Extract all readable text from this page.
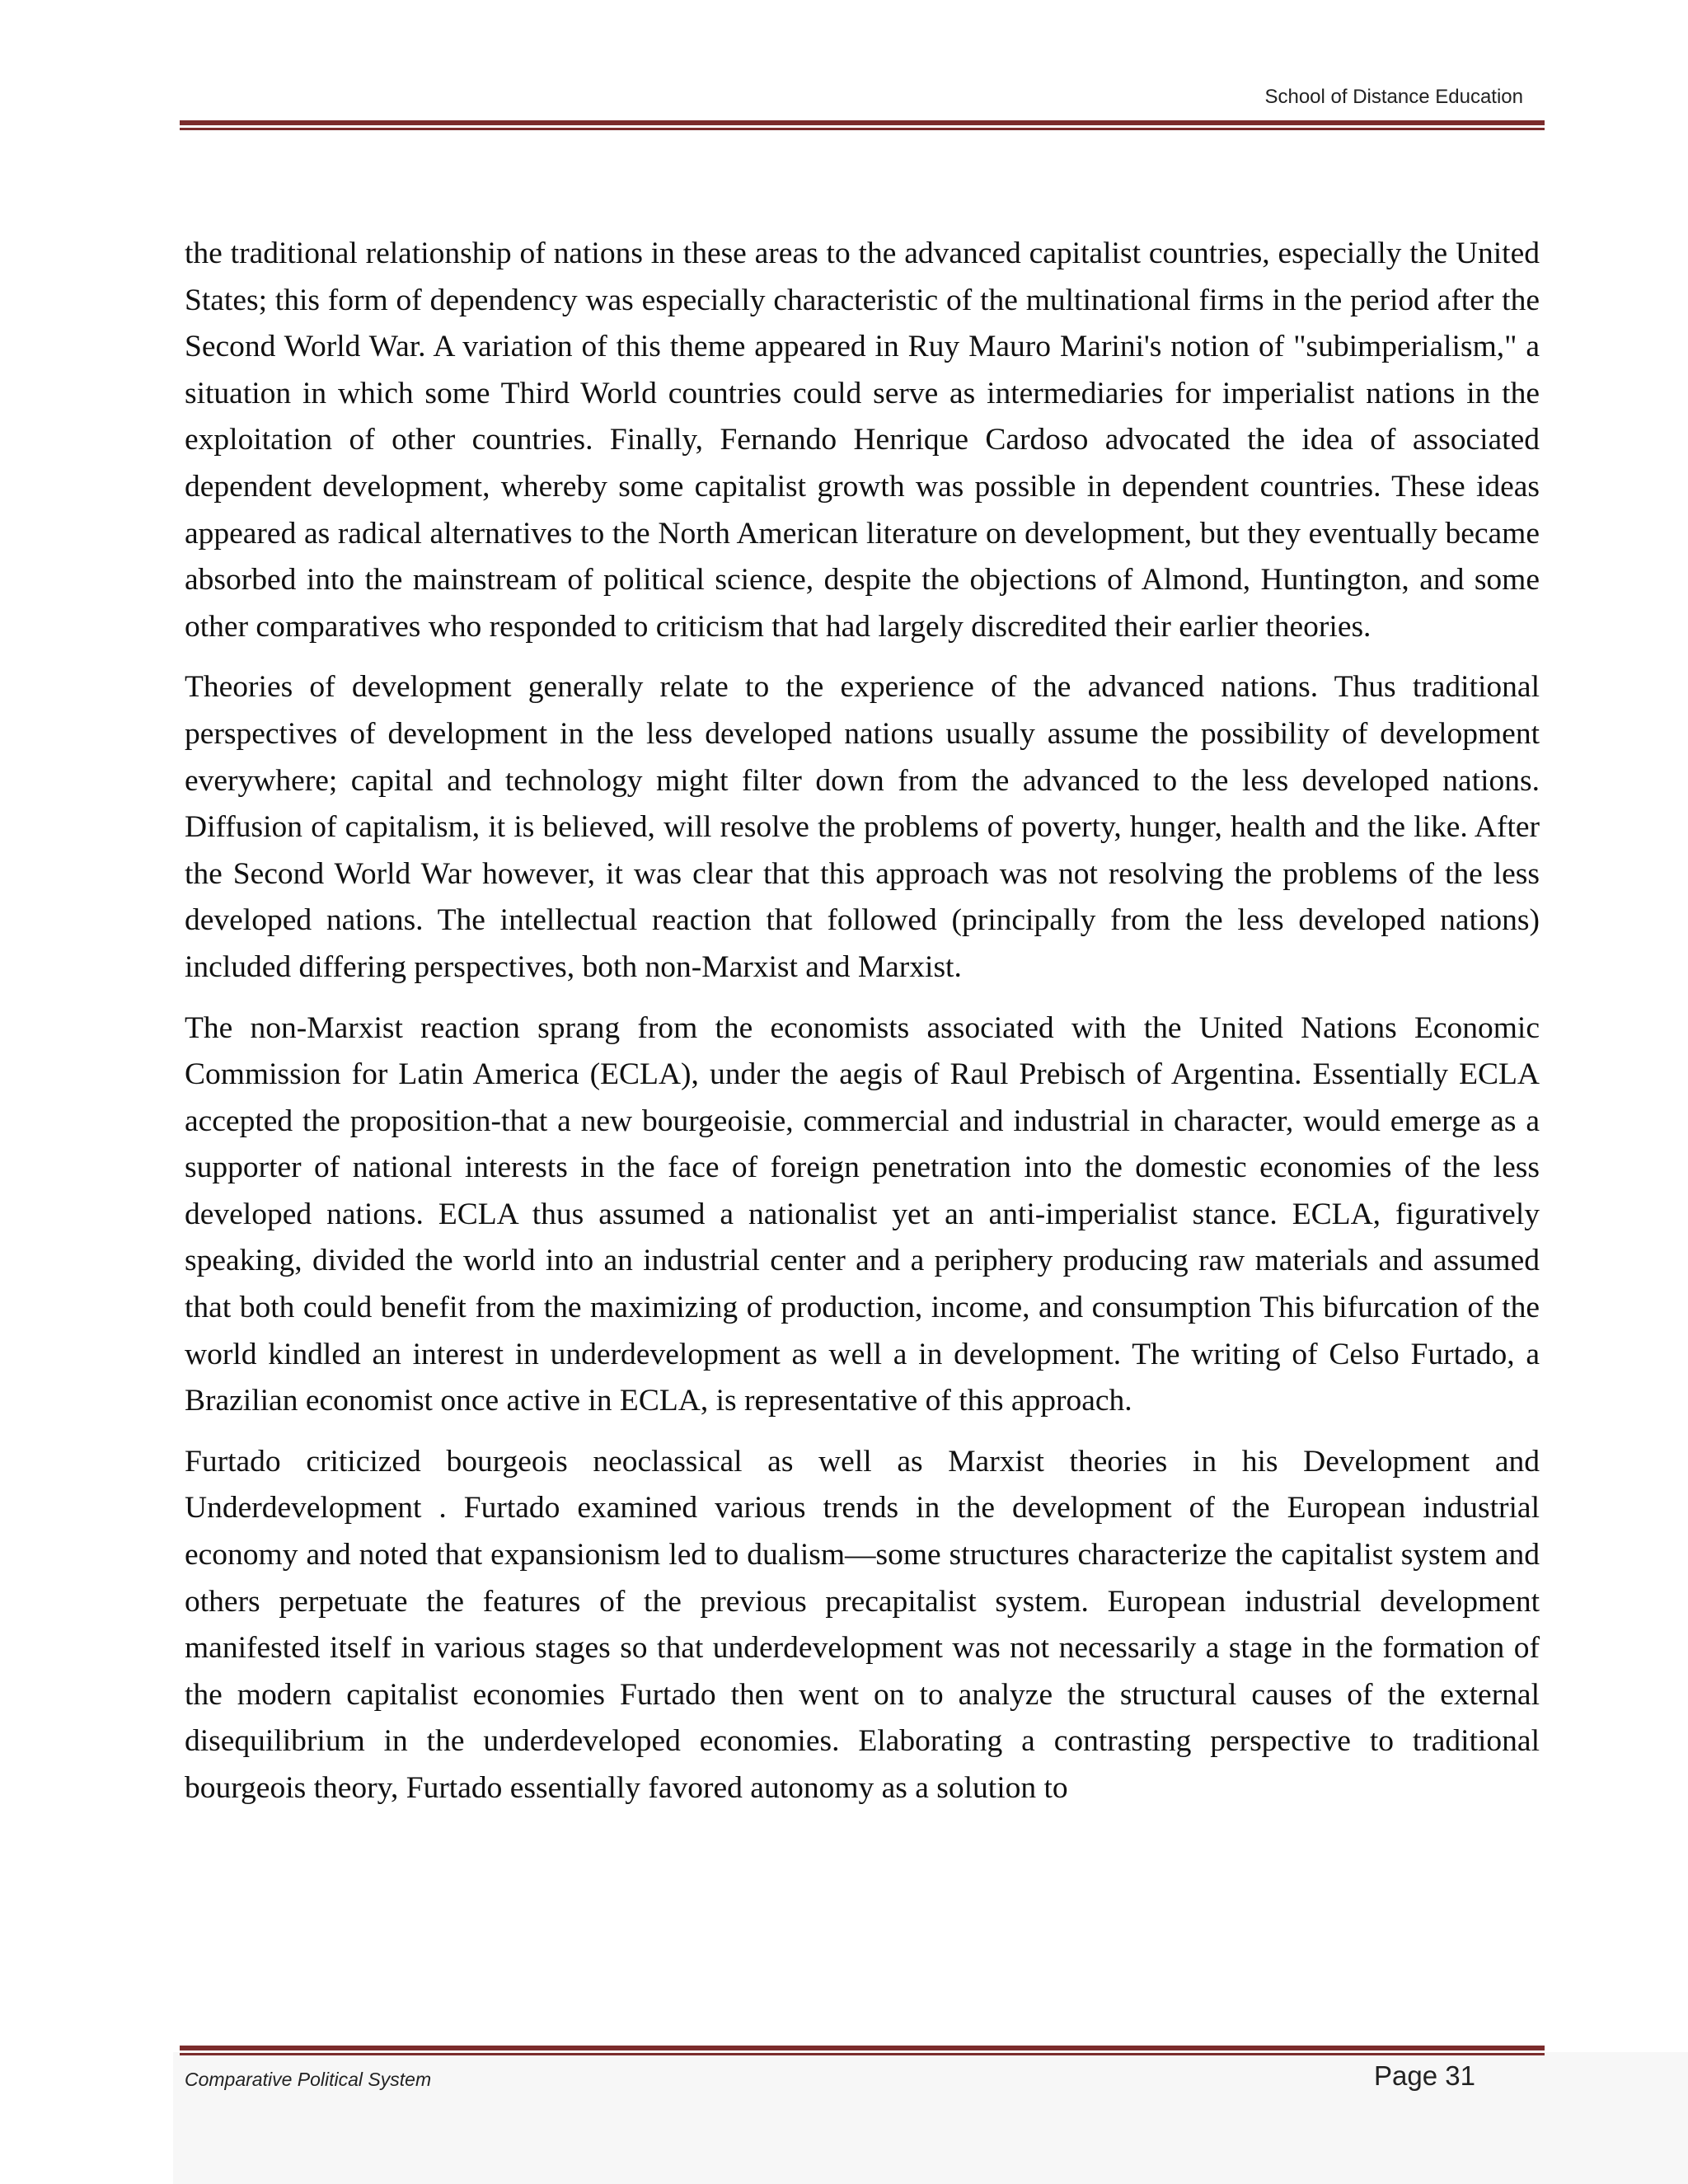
School of Distance Education

the traditional relationship of nations in these areas to the advanced capitalist countries, especially the United States; this form of dependency was especially characteristic of the multinational firms in the period after the Second World War. A variation of this theme appeared in Ruy Mauro Marini's notion of "subimperialism," a situation in which some Third World countries could serve as intermediaries for imperialist nations in the exploitation of other countries. Finally, Fernando Henrique Cardoso advocated the idea of associated dependent development, whereby some capitalist growth was possible in dependent countries. These ideas appeared as radical alternatives to the North American literature on development, but they eventually became absorbed into the mainstream of political science, despite the objections of Almond, Huntington, and some other comparatives who responded to criticism that had largely discredited their earlier theories.

Theories of development generally relate to the experience of the advanced nations. Thus traditional perspectives of development in the less developed nations usually assume the possibility of development everywhere; capital and technology might filter down from the advanced to the less developed nations. Diffusion of capitalism, it is believed, will resolve the problems of poverty, hunger, health and the like. After the Second World War however, it was clear that this approach was not resolving the problems of the less developed nations. The intellectual reaction that followed (principally from the less developed nations) included differing perspectives, both non-Marxist and Marxist.

The non-Marxist reaction sprang from the economists associated with the United Nations Economic Commission for Latin America (ECLA), under the aegis of Raul Prebisch of Argentina. Essentially ECLA accepted the proposition-that a new bourgeoisie, commercial and industrial in character, would emerge as a supporter of national interests in the face of foreign penetration into the domestic economies of the less developed nations. ECLA thus assumed a nationalist yet an anti-imperialist stance. ECLA, figuratively speaking, divided the world into an industrial center and a periphery producing raw materials and assumed that both could benefit from the maximizing of production, income, and consumption This bifurcation of the world kindled an interest in underdevelopment as well a in development. The writing of Celso Furtado, a Brazilian economist once active in ECLA, is representative of this approach.

Furtado criticized bourgeois neoclassical as well as Marxist theories in his Development and Underdevelopment . Furtado examined various trends in the development of the European industrial economy and noted that expansionism led to dualism—some structures characterize the capitalist system and others perpetuate the features of the previous precapitalist system. European industrial development manifested itself in various stages so that underdevelopment was not necessarily a stage in the formation of the modern capitalist economies Furtado then went on to analyze the structural causes of the external disequilibrium in the underdeveloped economies. Elaborating a contrasting perspective to traditional bourgeois theory, Furtado essentially favored autonomy as a solution to

Comparative Political System	Page 31
